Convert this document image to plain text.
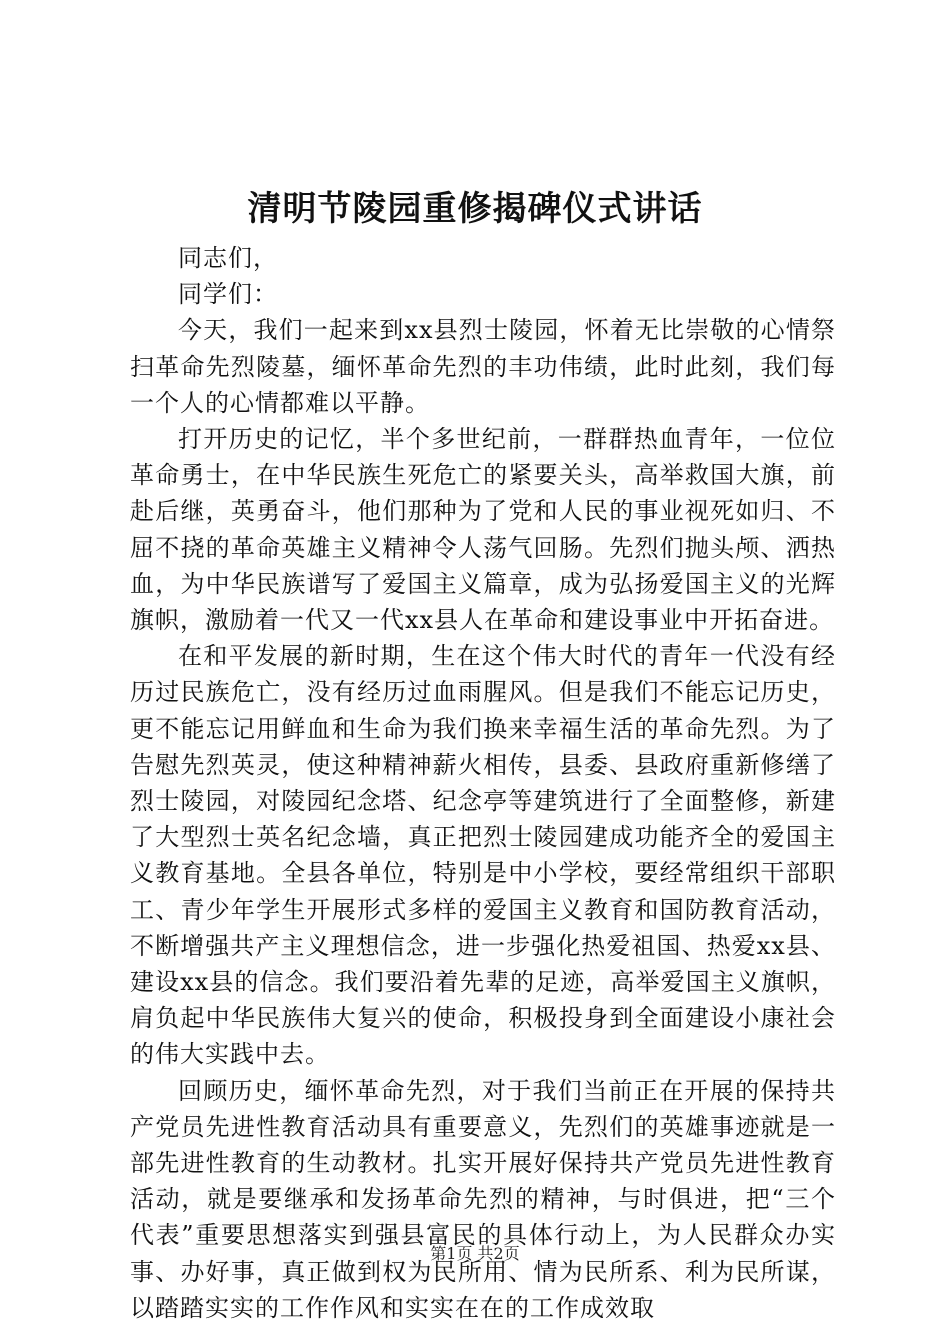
清明节陵园重修揭碑仪式讲话

同志们，

同学们：

今天，我们一起来到xx县烈士陵园，怀着无比崇敬的心情祭扫革命先烈陵墓，缅怀革命先烈的丰功伟绩，此时此刻，我们每一个人的心情都难以平静。

打开历史的记忆，半个多世纪前，一群群热血青年，一位位革命勇士，在中华民族生死危亡的紧要关头，高举救国大旗，前赴后继，英勇奋斗，他们那种为了党和人民的事业视死如归、不屈不挠的革命英雄主义精神令人荡气回肠。先烈们抛头颅、洒热血，为中华民族谱写了爱国主义篇章，成为弘扬爱国主义的光辉旗帜，激励着一代又一代xx县人在革命和建设事业中开拓奋进。

在和平发展的新时期，生在这个伟大时代的青年一代没有经历过民族危亡，没有经历过血雨腥风。但是我们不能忘记历史，更不能忘记用鲜血和生命为我们换来幸福生活的革命先烈。为了告慰先烈英灵，使这种精神薪火相传，县委、县政府重新修缮了烈士陵园，对陵园纪念塔、纪念亭等建筑进行了全面整修，新建了大型烈士英名纪念墙，真正把烈士陵园建成功能齐全的爱国主义教育基地。全县各单位，特别是中小学校，要经常组织干部职工、青少年学生开展形式多样的爱国主义教育和国防教育活动，不断增强共产主义理想信念，进一步强化热爱祖国、热爱xx县、建设xx县的信念。我们要沿着先辈的足迹，高举爱国主义旗帜，肩负起中华民族伟大复兴的使命，积极投身到全面建设小康社会的伟大实践中去。

回顾历史，缅怀革命先烈，对于我们当前正在开展的保持共产党员先进性教育活动具有重要意义，先烈们的英雄事迹就是一部先进性教育的生动教材。扎实开展好保持共产党员先进性教育活动，就是要继承和发扬革命先烈的精神，与时俱进，把“三个代表”重要思想落实到强县富民的具体行动上，为人民群众办实事、办好事，真正做到权为民所用、情为民所系、利为民所谋，以踏踏实实的工作作风和实实在在的工作成效取

第1页 共2页
